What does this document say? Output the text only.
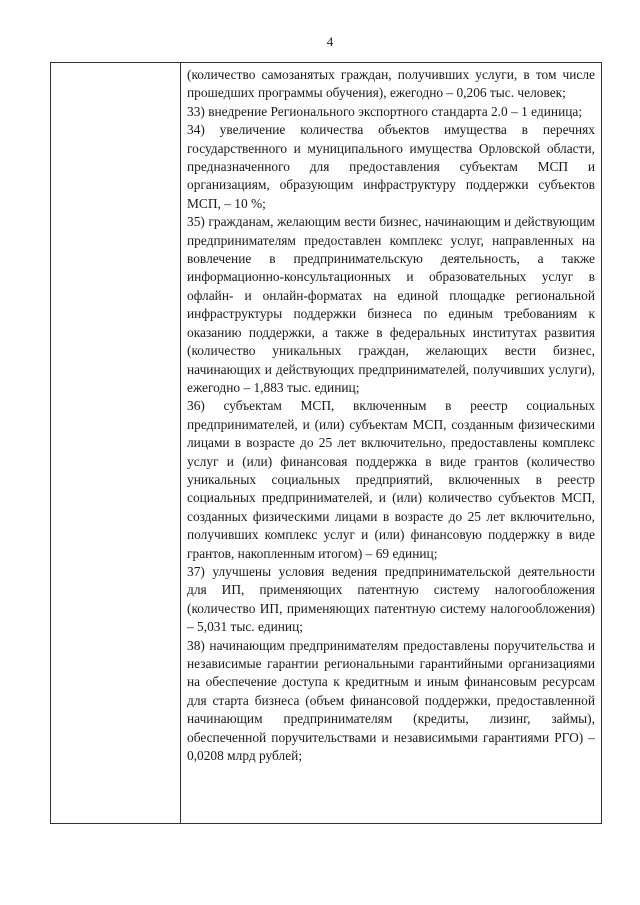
4

(количество самозанятых граждан, получивших услуги, в том числе прошедших программы обучения), ежегодно – 0,206 тыс. человек;

33) внедрение Регионального экспортного стандарта 2.0 – 1 единица;

34) увеличение количества объектов имущества в перечнях государственного и муниципального имущества Орловской области, предназначенного для предоставления субъектам МСП и организациям, образующим инфраструктуру поддержки субъектов МСП, – 10 %;

35) гражданам, желающим вести бизнес, начинающим и действующим предпринимателям предоставлен комплекс услуг, направленных на вовлечение в предпринимательскую деятельность, а также информационно-консультационных и образовательных услуг в офлайн- и онлайн-форматах на единой площадке региональной инфраструктуры поддержки бизнеса по единым требованиям к оказанию поддержки, а также в федеральных институтах развития (количество уникальных граждан, желающих вести бизнес, начинающих и действующих предпринимателей, получивших услуги), ежегодно – 1,883 тыс. единиц;

36) субъектам МСП, включенным в реестр социальных предпринимателей, и (или) субъектам МСП, созданным физическими лицами в возрасте до 25 лет включительно, предоставлены комплекс услуг и (или) финансовая поддержка в виде грантов (количество уникальных социальных предприятий, включенных в реестр социальных предпринимателей, и (или) количество субъектов МСП, созданных физическими лицами в возрасте до 25 лет включительно, получивших комплекс услуг и (или) финансовую поддержку в виде грантов, накопленным итогом) – 69 единиц;

37) улучшены условия ведения предпринимательской деятельности для ИП, применяющих патентную систему налогообложения (количество ИП, применяющих патентную систему налогообложения) – 5,031 тыс. единиц;

38) начинающим предпринимателям предоставлены поручительства и независимые гарантии региональными гарантийными организациями на обеспечение доступа к кредитным и иным финансовым ресурсам для старта бизнеса (объем финансовой поддержки, предоставленной начинающим предпринимателям (кредиты, лизинг, займы), обеспеченной поручительствами и независимыми гарантиями РГО) – 0,0208 млрд рублей;
